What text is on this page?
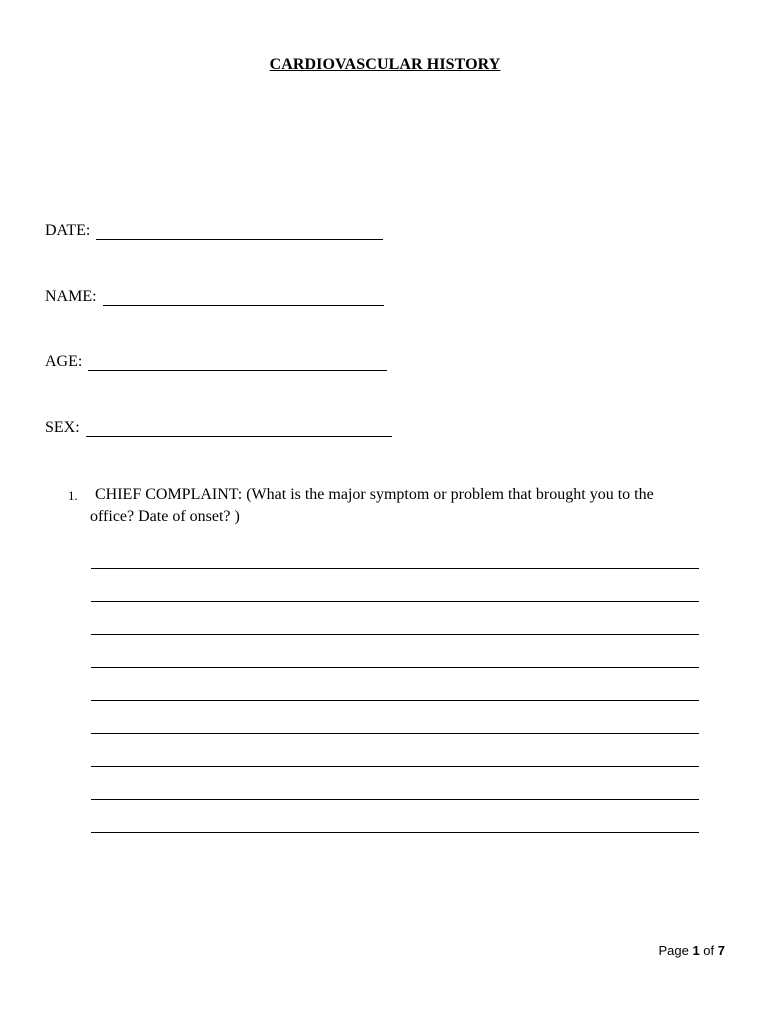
CARDIOVASCULAR HISTORY
DATE:
NAME:
AGE:
SEX:
1. CHIEF COMPLAINT: (What is the major symptom or problem that brought you to the
office? Date of onset? )
Page 1 of 7
